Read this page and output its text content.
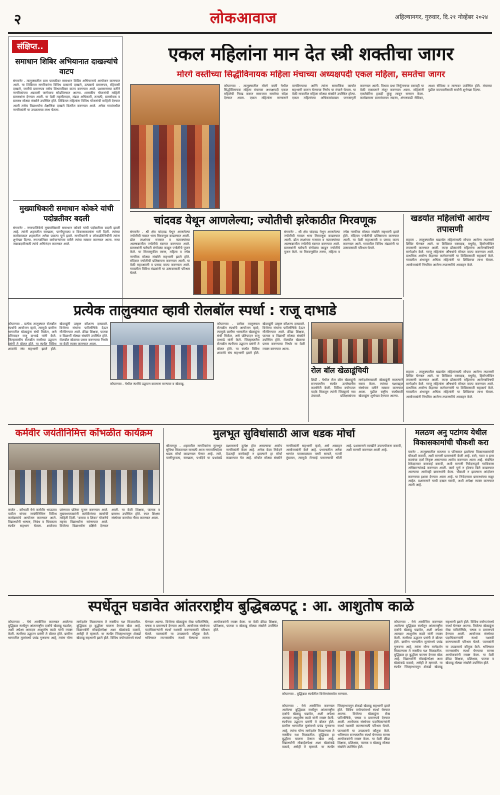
२	लोकआवाज	अहिल्यानगर, गुरुवार, दि.२१ नोव्हेंबर २०२४
संक्षिप्त..
समाधान शिबिर अभियानात दाखल्यांचे वाटप
संगमनेर - तालुक्यातील ग्राम पातळीवर समाधान शिबिर अभियानाचे आयोजन करण्यात आले. या शिबिरात नागरिकांना विविध प्रकारचे दाखले, उत्पन्नाचे प्रमाणपत्र, रहिवासी दाखले, जातीचे प्रमाणपत्र तसेच शिधापत्रिका वाटप करण्यात आले. प्रशासनाच्या वतीने नागरिकांच्या अडचणी जागेवरच सोडविण्यात आल्या. शासकीय योजनांची माहिती ग्रामस्थांना देण्यात आली. या वेळी तहसीलदार, मंडळ अधिकारी, तलाठी, ग्रामसेवक व ग्रामस्थ मोठ्या संख्येने उपस्थित होते. शिबिरात महिलांना विविध योजनांची माहिती देण्यात आली तसेच विद्यार्थ्यांना शैक्षणिक दाखले वितरीत करण्यात आले. अनेक गावांमधील नागरिकांनी या उपक्रमाचा लाभ घेतला.
मुख्याधिकारी समाधान कोकरे यांची पदोन्नतीवर बदली
संगमनेर - नगरपालिकेचे मुख्याधिकारी समाधान कोकरे यांची पदोन्नतीवर बदली झाली आहे. त्यांनी शहरातील स्वच्छता, पाणीपुरवठा व विकासकामांना गती दिली. त्यांच्या कार्यकाळात शहरातील अनेक प्रकल्प पूर्ण झाले. नागरिकांनी व लोकप्रतिनिधींनी त्यांना शुभेच्छा दिल्या. नगरपालिका कर्मचाऱ्यांच्या वतीने त्यांचा सत्कार करण्यात आला. नव्या जबाबदारीसाठी त्यांचे अभिनंदन करण्यात आले.
एकल महिलांना मान देत स्त्री शक्तीचा जागर
मोरगे वस्तीच्या सिद्धीविनायक महिला मंचाच्या अध्यक्षपदी एकल महिला, समतेचा जागर
कोपरगाव - तालुक्यातील मोरगे वस्ती येथील सिद्धीविनायक महिला मंचाच्या अध्यक्षपदी एकल महिलेची निवड करून समाजात समतेचा संदेश देण्यात आला. एकल महिलांना सन्मानाने वागविण्याचा आणि त्यांना सामाजिक कार्यात सहभागी करून घेण्याचा निर्णय या मंचाने घेतला. या वेळी गावातील महिला मोठ्या संख्येने उपस्थित होत्या. एकल महिलांच्या अधिकारांबाबत जनजागृती करण्यात आली. विधवा प्रथा निर्मूलनाचा ठरावही या वेळी एकमताने मंजूर करण्यात आला. महिलांनी एकमेकींना हळदी कुंकू लावून सन्मान केला. कार्यक्रमास ग्रामपंचायत सदस्य, अंगणवाडी सेविका, आशा सेविका व मान्यवर उपस्थित होते. मंचाच्या पुढील वाटचालीसाठी सर्वांनी शुभेच्छा दिल्या.
चांदवड येथून आणलेल्या; ज्योतीची झरेकाठीत मिरवणूक
संगमनेर - श्री क्षेत्र चांदवड येथून आणलेल्या ज्योतीची गावात भव्य मिरवणूक काढण्यात आली. ढोल ताशांच्या गजरात व फटाक्यांच्या आतषबाजीत ज्योतीचे स्वागत करण्यात आले. ग्रामस्थांनी घरोघरी रांगोळ्या काढून ज्योतीचे पूजन केले. या मिरवणुकीत तरुण, महिला व ज्येष्ठ नागरिक मोठ्या संख्येने सहभागी झाले होते. मंदिरात ज्योतीची प्रतिष्ठापना करण्यात आली. या वेळी महाआरती व प्रसाद वाटप करण्यात आले. गावातील विविध मंडळांनी या उत्सवासाठी परिश्रम घेतले.
संगमनेर - श्री क्षेत्र चांदवड येथून आणलेल्या ज्योतीची गावात भव्य मिरवणूक काढण्यात आली. ढोल ताशांच्या गजरात व फटाक्यांच्या आतषबाजीत ज्योतीचे स्वागत करण्यात आले. ग्रामस्थांनी घरोघरी रांगोळ्या काढून ज्योतीचे पूजन केले. या मिरवणुकीत तरुण, महिला व ज्येष्ठ नागरिक मोठ्या संख्येने सहभागी झाले होते. मंदिरात ज्योतीची प्रतिष्ठापना करण्यात आली. या वेळी महाआरती व प्रसाद वाटप करण्यात आले. गावातील विविध मंडळांनी या उत्सवासाठी परिश्रम घेतले.
खडर्यात महिलांची आरोग्य तपासणी
राहाता - तालुक्यातील खडर्यात महिलांसाठी मोफत आरोग्य तपासणी शिबिर घेण्यात आले. या शिबिरात रक्तदाब, मधुमेह, हिमोग्लोबिन तपासणी करण्यात आली. तज्ज्ञ डॉक्टरांनी महिलांना आरोग्याविषयी मार्गदर्शन केले. गरजू महिलांना औषधांचे मोफत वाटप करण्यात आले. प्राथमिक आरोग्य केंद्राच्या कर्मचाऱ्यांनी या शिबिरासाठी सहकार्य केले. गावातील शंभरहून अधिक महिलांनी या शिबिराचा लाभ घेतला. आयोजकांनी नियमित आरोग्य तपासणीचे आवाहन केले.
प्रत्येक तालुक्यात व्हावी रोलबॉल स्पर्धा : राजू दाभाडे
कोपरगाव - प्रत्येक तालुक्यात रोलबॉल स्पर्धांचे आयोजन व्हावे, त्यामुळे ग्रामीण भागातील खेळाडूंना संधी मिळेल, असे प्रतिपादन राजू दाभाडे यांनी केले. जिल्हास्तरीय रोलबॉल स्पर्धेच्या उद्घाटन प्रसंगी ते बोलत होते. या स्पर्धेत विविध शाळांचे संघ सहभागी झाले होते. खेळाडूंनी उत्कृष्ट कौशल्य दाखवले. विजेत्या संघांना पारितोषिके देऊन गौरविण्यात आले. क्रीडा शिक्षक, पालक व विद्यार्थी मोठ्या संख्येने उपस्थित होते. रोलबॉल खेळाचा प्रसार करण्याचा निर्धार या वेळी व्यक्त करण्यात आला.
कोपरगाव - येथील स्पर्धेचे उद्घाटन करताना मान्यवर व खेळाडू.
कोपरगाव - प्रत्येक तालुक्यात रोलबॉल स्पर्धांचे आयोजन व्हावे, त्यामुळे ग्रामीण भागातील खेळाडूंना संधी मिळेल, असे प्रतिपादन राजू दाभाडे यांनी केले. जिल्हास्तरीय रोलबॉल स्पर्धेच्या उद्घाटन प्रसंगी ते बोलत होते. या स्पर्धेत विविध शाळांचे संघ सहभागी झाले होते. खेळाडूंनी उत्कृष्ट कौशल्य दाखवले. विजेत्या संघांना पारितोषिके देऊन गौरविण्यात आले. क्रीडा शिक्षक, पालक व विद्यार्थी मोठ्या संख्येने उपस्थित होते. रोलबॉल खेळाचा प्रसार करण्याचा निर्धार या वेळी व्यक्त करण्यात आला.
रोल बॉल खेळाडूंचियी
शिर्डी - येथील रोल बॉल खेळाडूंनी राज्यस्तरीय स्पर्धेत उल्लेखनीय कामगिरी केली. विविध वयोगटात पदके मिळवून त्यांनी जिल्ह्याचे नाव उंचावले. प्रशिक्षकांच्या मार्गदर्शनाखाली खेळाडूंनी सातत्याने सराव केला. त्यांच्या यशाबद्दल संस्थेच्या वतीने सत्कार करण्यात आला. पुढील राष्ट्रीय स्पर्धेसाठी खेळाडूंना शुभेच्छा देण्यात आल्या.
राहाता - तालुक्यातील खडर्यात महिलांसाठी मोफत आरोग्य तपासणी शिबिर घेण्यात आले. या शिबिरात रक्तदाब, मधुमेह, हिमोग्लोबिन तपासणी करण्यात आली. तज्ज्ञ डॉक्टरांनी महिलांना आरोग्याविषयी मार्गदर्शन केले. गरजू महिलांना औषधांचे मोफत वाटप करण्यात आले. प्राथमिक आरोग्य केंद्राच्या कर्मचाऱ्यांनी या शिबिरासाठी सहकार्य केले. गावातील शंभरहून अधिक महिलांनी या शिबिराचा लाभ घेतला. आयोजकांनी नियमित आरोग्य तपासणीचे आवाहन केले.
कर्मवीर जयंतीनिमित्त कोंभळीत कार्यक्रम
कर्जत - कोंभळी येथे कर्मवीर भाऊराव पाटील यांच्या जयंतीनिमित्त विविध कार्यक्रमांचे आयोजन करण्यात आले. विद्यार्थ्यांनी भाषण, निबंध व चित्रकला स्पर्धेत सहभाग घेतला. शाळेच्या प्रांगणात प्रतिमा पूजन करण्यात आले. मुख्याध्यापकांनी कर्मवीरांच्या कार्याची माहिती दिली. 'कमवा व शिका' योजनेचे महत्त्व विद्यार्थ्यांना सांगण्यात आले. विजेत्या विद्यार्थ्यांना बक्षिसे देण्यात आली. या वेळी शिक्षक, पालक व ग्रामस्थ उपस्थित होते. रयत शिक्षण संस्थेच्या कार्याचा गौरव करण्यात आला.
मुलभूत सुविधांसाठी आज धडक मोर्चा
श्रीरामपूर - शहरातील नागरिकांना मुलभूत सुविधा मिळाव्यात यासाठी आज नगरपरिषदेवर धडक मोर्चा काढण्यात येणार आहे. रस्ते, पाणीपुरवठा, स्वच्छता, पथदिवे या प्रश्नांकडे प्रशासनाचे दुर्लक्ष होत असल्याचा आरोप नागरिकांनी केला आहे. अनेक वेळा निवेदने देऊनही कार्यवाही न झाल्याने हा मोर्चा काढण्यात येत आहे. मोर्चात मोठ्या संख्येने नागरिकांनी सहभागी व्हावे, असे आवाहन आयोजकांनी केले आहे. प्रभागातील अनेक भागांत पावसाळ्यात पाणी साचते, गटारी तुंबतात, त्यामुळे रोगराई पसरण्याची भीती आहे. प्रशासनाने तातडीने उपाययोजना करावी, अशी मागणी करण्यात आली आहे.
मलठण अनु पटांगय येथील विकासकामांची चौकशी करा
पारनेर - तालुक्यातील मलठण व परिसरात झालेल्या विकासकामांची चौकशी करावी, अशी मागणी ग्रामस्थांनी केली आहे. रस्ते, गटार व इतर कामांचा दर्जा निकृष्ट असल्याचा आरोप करण्यात आला आहे. संबंधित ठेकेदारावर कारवाई करावी, अशी मागणी निवेदनाद्वारे गटविकास अधिकाऱ्यांकडे करण्यात आली. कामे पूर्ण न होताच बिले काढण्यात आल्याचा आरोपही ग्रामस्थांनी केला. चौकशी न झाल्यास आंदोलन करण्याचा इशारा देण्यात आला आहे. या निवेदनावर ग्रामस्थांच्या सह्या आहेत. प्रशासनाने याची दखल घ्यावी, अशी अपेक्षा व्यक्त करण्यात आली आहे.
स्पर्धेतून घडावेत आंतरराष्ट्रीय बुद्धिबळपटू : आ. आशुतोष काळे
कोपरगाव - येथे आयोजित करण्यात आलेल्या बुद्धिबळ स्पर्धेतून आंतरराष्ट्रीय दर्जाचे खेळाडू घडावेत, अशी अपेक्षा आमदार आशुतोष काळे यांनी व्यक्त केली. स्पर्धेच्या उद्घाटन प्रसंगी ते बोलत होते. ग्रामीण भागातील मुलांमध्ये प्रचंड गुणवत्ता आहे, त्यांना योग्य मार्गदर्शन मिळाल्यास ते नक्कीच यश मिळवतील. बुद्धिबळ हा बुद्धीला चालना देणारा खेळ आहे. विद्यार्थ्यांनी मोबाईलपेक्षा अशा खेळांकडे वळावे, असेही ते म्हणाले. या स्पर्धेत जिल्हाभरातून शेकडो खेळाडू सहभागी झाले होते. विविध वयोगटांमध्ये स्पर्धा घेण्यात आल्या. विजेत्या खेळाडूंना रोख पारितोषिके, चषक व प्रमाणपत्रे देण्यात आली. आयोजक संस्थेच्या पदाधिकाऱ्यांनी स्पर्धा यशस्वी करण्यासाठी परिश्रम घेतले. पालकांनी या उपक्रमाचे कौतुक केले. भविष्यात राज्यस्तरीय स्पर्धा घेण्याचा मानस आयोजकांनी व्यक्त केला. या वेळी क्रीडा शिक्षक, प्रशिक्षक, पालक व खेळाडू मोठ्या संख्येने उपस्थित होते.
कोपरगाव - बुद्धिबळ स्पर्धेतील विजेत्यांसमवेत मान्यवर.
कोपरगाव - येथे आयोजित करण्यात आलेल्या बुद्धिबळ स्पर्धेतून आंतरराष्ट्रीय दर्जाचे खेळाडू घडावेत, अशी अपेक्षा आमदार आशुतोष काळे यांनी व्यक्त केली. स्पर्धेच्या उद्घाटन प्रसंगी ते बोलत होते. ग्रामीण भागातील मुलांमध्ये प्रचंड गुणवत्ता आहे, त्यांना योग्य मार्गदर्शन मिळाल्यास ते नक्कीच यश मिळवतील. बुद्धिबळ हा बुद्धीला चालना देणारा खेळ आहे. विद्यार्थ्यांनी मोबाईलपेक्षा अशा खेळांकडे वळावे, असेही ते म्हणाले. या स्पर्धेत जिल्हाभरातून शेकडो खेळाडू सहभागी झाले होते. विविध वयोगटांमध्ये स्पर्धा घेण्यात आल्या. विजेत्या खेळाडूंना रोख पारितोषिके, चषक व प्रमाणपत्रे देण्यात आली. आयोजक संस्थेच्या पदाधिकाऱ्यांनी स्पर्धा यशस्वी करण्यासाठी परिश्रम घेतले. पालकांनी या उपक्रमाचे कौतुक केले. भविष्यात राज्यस्तरीय स्पर्धा घेण्याचा मानस आयोजकांनी व्यक्त केला. या वेळी क्रीडा शिक्षक, प्रशिक्षक, पालक व खेळाडू मोठ्या संख्येने उपस्थित होते.
कोपरगाव - येथे आयोजित करण्यात आलेल्या बुद्धिबळ स्पर्धेतून आंतरराष्ट्रीय दर्जाचे खेळाडू घडावेत, अशी अपेक्षा आमदार आशुतोष काळे यांनी व्यक्त केली. स्पर्धेच्या उद्घाटन प्रसंगी ते बोलत होते. ग्रामीण भागातील मुलांमध्ये प्रचंड गुणवत्ता आहे, त्यांना योग्य मार्गदर्शन मिळाल्यास ते नक्कीच यश मिळवतील. बुद्धिबळ हा बुद्धीला चालना देणारा खेळ आहे. विद्यार्थ्यांनी मोबाईलपेक्षा अशा खेळांकडे वळावे, असेही ते म्हणाले. या स्पर्धेत जिल्हाभरातून शेकडो खेळाडू सहभागी झाले होते. विविध वयोगटांमध्ये स्पर्धा घेण्यात आल्या. विजेत्या खेळाडूंना रोख पारितोषिके, चषक व प्रमाणपत्रे देण्यात आली. आयोजक संस्थेच्या पदाधिकाऱ्यांनी स्पर्धा यशस्वी करण्यासाठी परिश्रम घेतले. पालकांनी या उपक्रमाचे कौतुक केले. भविष्यात राज्यस्तरीय स्पर्धा घेण्याचा मानस आयोजकांनी व्यक्त केला. या वेळी क्रीडा शिक्षक, प्रशिक्षक, पालक व खेळाडू मोठ्या संख्येने उपस्थित होते.
